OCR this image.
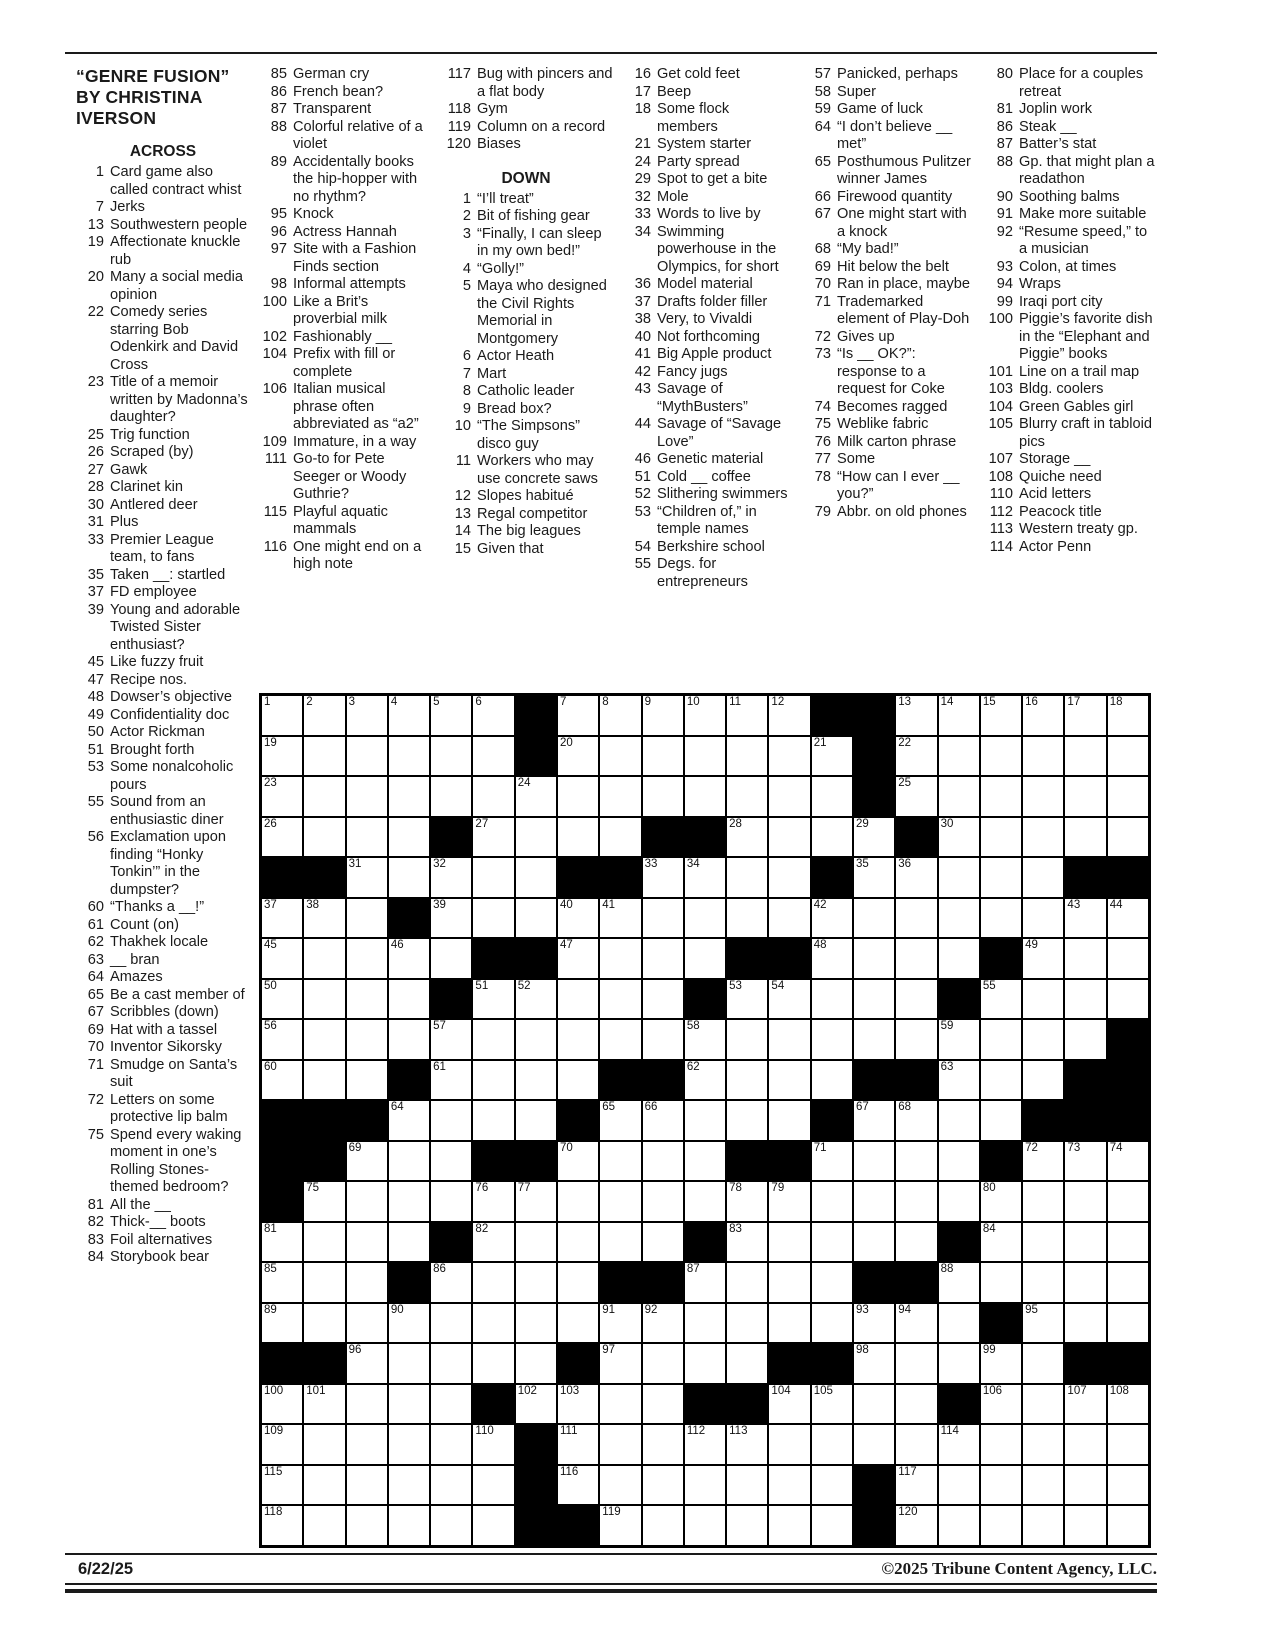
“GENRE FUSION”
BY CHRISTINA
IVERSON
ACROSS
1 Card game also called contract whist
7 Jerks
13 Southwestern people
19 Affectionate knuckle rub
20 Many a social media opinion
22 Comedy series starring Bob Odenkirk and David Cross
23 Title of a memoir written by Madonna’s daughter?
25 Trig function
26 Scraped (by)
27 Gawk
28 Clarinet kin
30 Antlered deer
31 Plus
33 Premier League team, to fans
35 Taken __: startled
37 FD employee
39 Young and adorable Twisted Sister enthusiast?
45 Like fuzzy fruit
47 Recipe nos.
48 Dowser’s objective
49 Confidentiality doc
50 Actor Rickman
51 Brought forth
53 Some nonalcoholic pours
55 Sound from an enthusiastic diner
56 Exclamation upon finding “Honky Tonkin’” in the dumpster?
60 “Thanks a __!”
61 Count (on)
62 Thakhek locale
63 __ bran
64 Amazes
65 Be a cast member of
67 Scribbles (down)
69 Hat with a tassel
70 Inventor Sikorsky
71 Smudge on Santa’s suit
72 Letters on some protective lip balm
75 Spend every waking moment in one’s Rolling Stones-themed bedroom?
81 All the __
82 Thick-__ boots
83 Foil alternatives
84 Storybook bear
85 German cry
86 French bean?
87 Transparent
88 Colorful relative of a violet
89 Accidentally books the hip-hopper with no rhythm?
95 Knock
96 Actress Hannah
97 Site with a Fashion Finds section
98 Informal attempts
100 Like a Brit’s proverbial milk
102 Fashionably __
104 Prefix with fill or complete
106 Italian musical phrase often abbreviated as “a2”
109 Immature, in a way
111 Go-to for Pete Seeger or Woody Guthrie?
115 Playful aquatic mammals
116 One might end on a high note
117 Bug with pincers and a flat body
118 Gym
119 Column on a record
120 Biases
DOWN
1 “I’ll treat”
2 Bit of fishing gear
3 “Finally, I can sleep in my own bed!”
4 “Golly!”
5 Maya who designed the Civil Rights Memorial in Montgomery
6 Actor Heath
7 Mart
8 Catholic leader
9 Bread box?
10 “The Simpsons” disco guy
11 Workers who may use concrete saws
12 Slopes habitué
13 Regal competitor
14 The big leagues
15 Given that
16 Get cold feet
17 Beep
18 Some flock members
21 System starter
24 Party spread
29 Spot to get a bite
32 Mole
33 Words to live by
34 Swimming powerhouse in the Olympics, for short
36 Model material
37 Drafts folder filler
38 Very, to Vivaldi
40 Not forthcoming
41 Big Apple product
42 Fancy jugs
43 Savage of “MythBusters”
44 Savage of “Savage Love”
46 Genetic material
51 Cold __ coffee
52 Slithering swimmers
53 “Children of,” in temple names
54 Berkshire school
55 Degs. for entrepreneurs
57 Panicked, perhaps
58 Super
59 Game of luck
64 “I don’t believe __ met”
65 Posthumous Pulitzer winner James
66 Firewood quantity
67 One might start with a knock
68 “My bad!”
69 Hit below the belt
70 Ran in place, maybe
71 Trademarked element of Play-Doh
72 Gives up
73 “Is __ OK?”: response to a request for Coke
74 Becomes ragged
75 Weblike fabric
76 Milk carton phrase
77 Some
78 “How can I ever __ you?”
79 Abbr. on old phones
80 Place for a couples retreat
81 Joplin work
86 Steak __
87 Batter’s stat
88 Gp. that might plan a readathon
90 Soothing balms
91 Make more suitable
92 “Resume speed,” to a musician
93 Colon, at times
94 Wraps
99 Iraqi port city
100 Piggie’s favorite dish in the “Elephant and Piggie” books
101 Line on a trail map
103 Bldg. coolers
104 Green Gables girl
105 Blurry craft in tabloid pics
107 Storage __
108 Quiche need
110 Acid letters
112 Peacock title
113 Western treaty gp.
114 Actor Penn
1	2	3	4	5	6	7	8	9	10	11	12	13	14	15	16	17	18
19	20	21	22
23	24	25
26	27	28	29	30
31	32	33	34	35	36
37	38	39	40	41	42	43	44
45	46	47	48	49
50	51	52	53	54	55
56	57	58	59
60	61	62	63
64	65	66	67	68
69	70	71	72	73	74
75	76	77	78	79	80
81	82	83	84
85	86	87	88
89	90	91	92	93	94	95
96	97	98	99
100 101	102 103	104 105	106	107 108
109	110	111	112 113	114
115	116	117
118	119	120
6/22/25	©2025 Tribune Content Agency, LLC.
